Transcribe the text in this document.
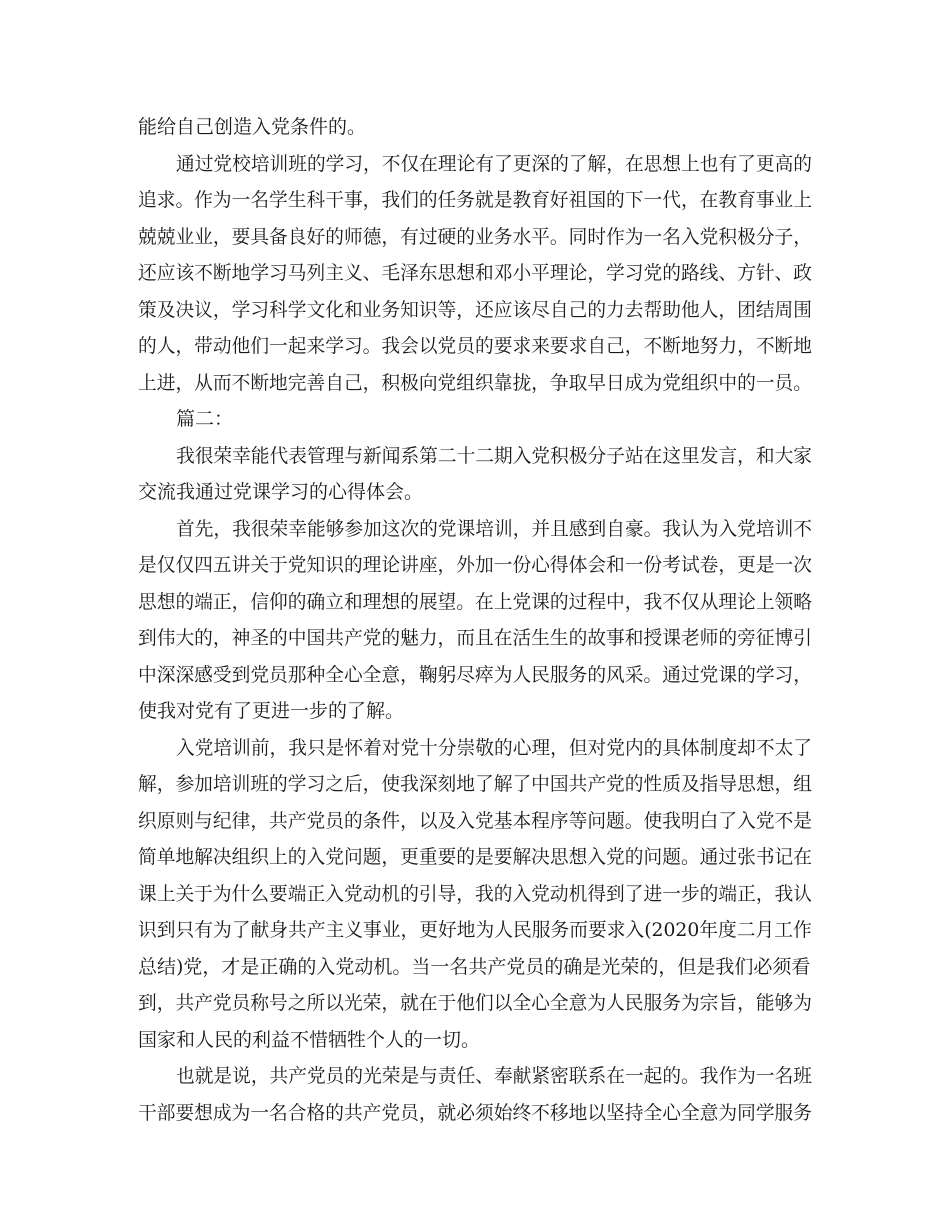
能给自己创造入党条件的。
通过党校培训班的学习，不仅在理论有了更深的了解，在思想上也有了更高的
追求。作为一名学生科干事，我们的任务就是教育好祖国的下一代，在教育事业上
兢兢业业，要具备良好的师德，有过硬的业务水平。同时作为一名入党积极分子，
还应该不断地学习马列主义、毛泽东思想和邓小平理论，学习党的路线、方针、政
策及决议，学习科学文化和业务知识等，还应该尽自己的力去帮助他人，团结周围
的人，带动他们一起来学习。我会以党员的要求来要求自己，不断地努力，不断地
上进，从而不断地完善自己，积极向党组织靠拢，争取早日成为党组织中的一员。
篇二：
我很荣幸能代表管理与新闻系第二十二期入党积极分子站在这里发言，和大家
交流我通过党课学习的心得体会。
首先，我很荣幸能够参加这次的党课培训，并且感到自豪。我认为入党培训不
是仅仅四五讲关于党知识的理论讲座，外加一份心得体会和一份考试卷，更是一次
思想的端正，信仰的确立和理想的展望。在上党课的过程中，我不仅从理论上领略
到伟大的，神圣的中国共产党的魅力，而且在活生生的故事和授课老师的旁征博引
中深深感受到党员那种全心全意，鞠躬尽瘁为人民服务的风采。通过党课的学习，
使我对党有了更进一步的了解。
入党培训前，我只是怀着对党十分崇敬的心理，但对党内的具体制度却不太了
解，参加培训班的学习之后，使我深刻地了解了中国共产党的性质及指导思想，组
织原则与纪律，共产党员的条件，以及入党基本程序等问题。使我明白了入党不是
简单地解决组织上的入党问题，更重要的是要解决思想入党的问题。通过张书记在
课上关于为什么要端正入党动机的引导，我的入党动机得到了进一步的端正，我认
识到只有为了献身共产主义事业，更好地为人民服务而要求入(2020年度二月工作
总结)党，才是正确的入党动机。当一名共产党员的确是光荣的，但是我们必须看
到，共产党员称号之所以光荣，就在于他们以全心全意为人民服务为宗旨，能够为
国家和人民的利益不惜牺牲个人的一切。
也就是说，共产党员的光荣是与责任、奉献紧密联系在一起的。我作为一名班
干部要想成为一名合格的共产党员，就必须始终不移地以坚持全心全意为同学服务
